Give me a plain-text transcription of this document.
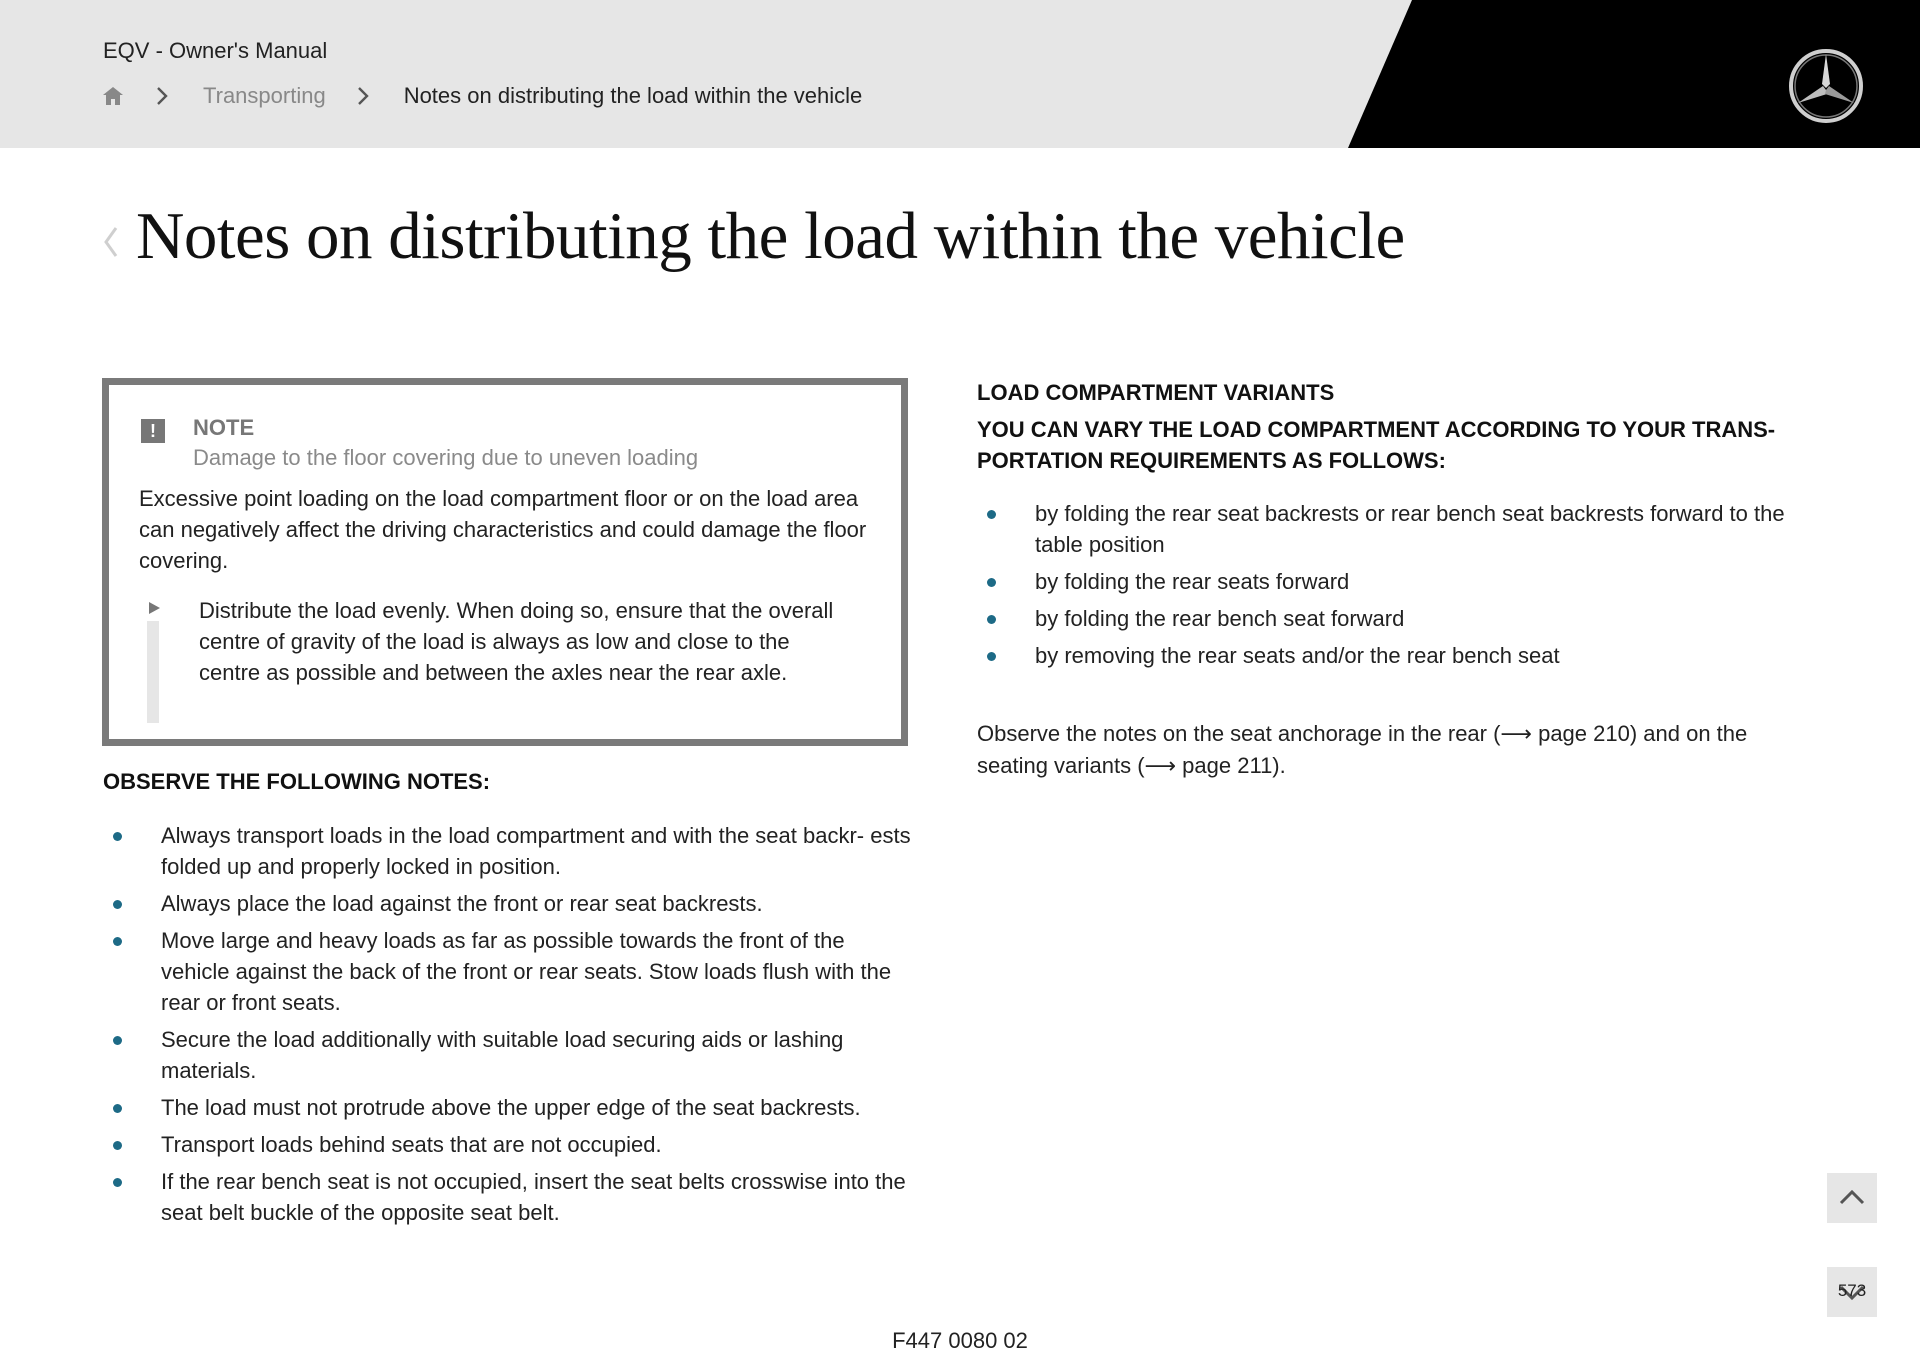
EQV - Owner's Manual
Transporting	Notes on distributing the load within the vehicle
Notes on distributing the load within the vehicle
!	NOTE
Damage to the floor covering due to uneven loading
Excessive point loading on the load compartment floor or on the load area can negatively affect the driving characteristics and could damage the floor covering.
Distribute the load evenly. When doing so, ensure that the overall centre of gravity of the load is always as low and close to the centre as possible and between the axles near the rear axle.
OBSERVE THE FOLLOWING NOTES:
Always transport loads in the load compartment and with the seat backr- ests folded up and properly locked in position.
Always place the load against the front or rear seat backrests.
Move large and heavy loads as far as possible towards the front of the vehicle against the back of the front or rear seats. Stow loads flush with the rear or front seats.
Secure the load additionally with suitable load securing aids or lashing materials.
The load must not protrude above the upper edge of the seat backrests.
Transport loads behind seats that are not occupied.
If the rear bench seat is not occupied, insert the seat belts crosswise into the seat belt buckle of the opposite seat belt.
LOAD COMPARTMENT VARIANTS
YOU CAN VARY THE LOAD COMPARTMENT ACCORDING TO YOUR TRANS- PORTATION REQUIREMENTS AS FOLLOWS:
by folding the rear seat backrests or rear bench seat backrests forward to the table position
by folding the rear seats forward
by folding the rear bench seat forward
by removing the rear seats and/or the rear bench seat
Observe the notes on the seat anchorage in the rear (⟶ page 210) and on the seating variants (⟶ page 211).
573
F447 0080 02
